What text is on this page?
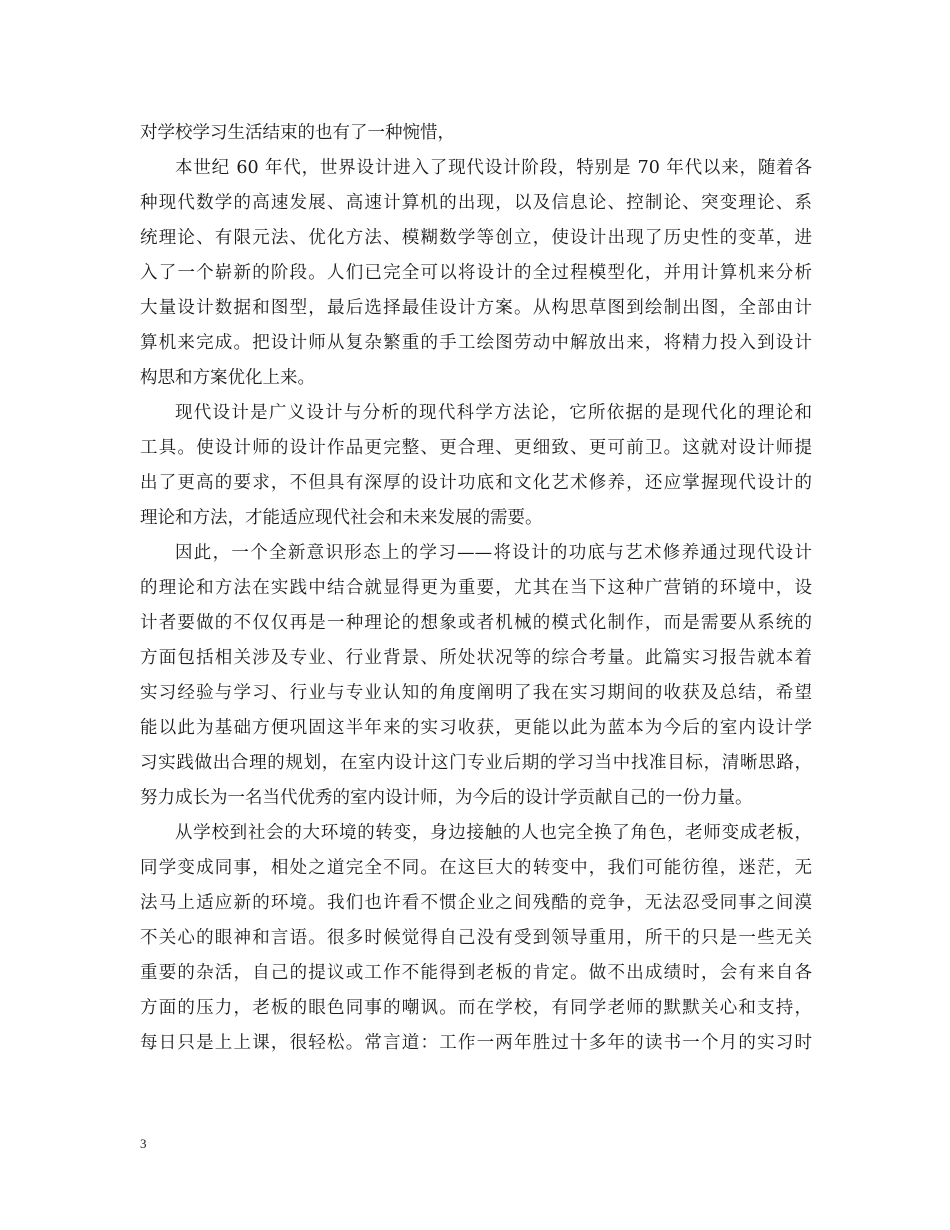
对学校学习生活结束的也有了一种惋惜，
本世纪 60 年代，世界设计进入了现代设计阶段，特别是 70 年代以来，随着各
种现代数学的高速发展、高速计算机的出现，以及信息论、控制论、突变理论、系
统理论、有限元法、优化方法、模糊数学等创立，使设计出现了历史性的变革，进
入了一个崭新的阶段。人们已完全可以将设计的全过程模型化，并用计算机来分析
大量设计数据和图型，最后选择最佳设计方案。从构思草图到绘制出图，全部由计
算机来完成。把设计师从复杂繁重的手工绘图劳动中解放出来，将精力投入到设计
构思和方案优化上来。
现代设计是广义设计与分析的现代科学方法论，它所依据的是现代化的理论和
工具。使设计师的设计作品更完整、更合理、更细致、更可前卫。这就对设计师提
出了更高的要求，不但具有深厚的设计功底和文化艺术修养，还应掌握现代设计的
理论和方法，才能适应现代社会和未来发展的需要。
因此，一个全新意识形态上的学习——将设计的功底与艺术修养通过现代设计
的理论和方法在实践中结合就显得更为重要，尤其在当下这种广营销的环境中，设
计者要做的不仅仅再是一种理论的想象或者机械的模式化制作，而是需要从系统的
方面包括相关涉及专业、行业背景、所处状况等的综合考量。此篇实习报告就本着
实习经验与学习、行业与专业认知的角度阐明了我在实习期间的收获及总结，希望
能以此为基础方便巩固这半年来的实习收获，更能以此为蓝本为今后的室内设计学
习实践做出合理的规划，在室内设计这门专业后期的学习当中找准目标，清晰思路，
努力成长为一名当代优秀的室内设计师，为今后的设计学贡献自己的一份力量。
从学校到社会的大环境的转变，身边接触的人也完全换了角色，老师变成老板，
同学变成同事，相处之道完全不同。在这巨大的转变中，我们可能彷徨，迷茫，无
法马上适应新的环境。我们也许看不惯企业之间残酷的竞争，无法忍受同事之间漠
不关心的眼神和言语。很多时候觉得自己没有受到领导重用，所干的只是一些无关
重要的杂活，自己的提议或工作不能得到老板的肯定。做不出成绩时，会有来自各
方面的压力，老板的眼色同事的嘲讽。而在学校，有同学老师的默默关心和支持，
每日只是上上课，很轻松。常言道：工作一两年胜过十多年的读书一个月的实习时
3
